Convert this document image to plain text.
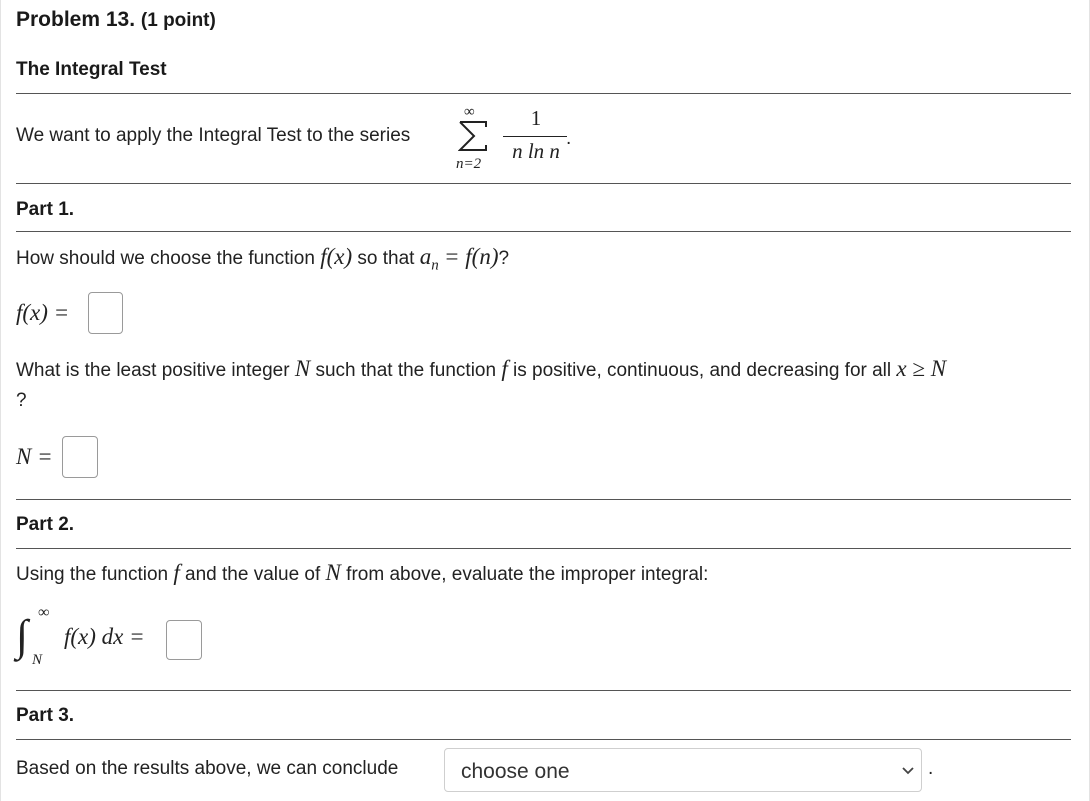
Problem 13. (1 point)
The Integral Test
We want to apply the Integral Test to the series
∞
n=2
1
n ln n
.
Part 1.
How should we choose the function f(x) so that $a_n = f(n)$?
f(x) =
What is the least positive integer N such that the function f is positive, continuous, and decreasing for all x ≥ N
?
N =
Part 2.
Using the function f and the value of N from above, evaluate the improper integral:
∫ ∞
N
f(x) dx =
Part 3.
Based on the results above, we can conclude	choose one	.
